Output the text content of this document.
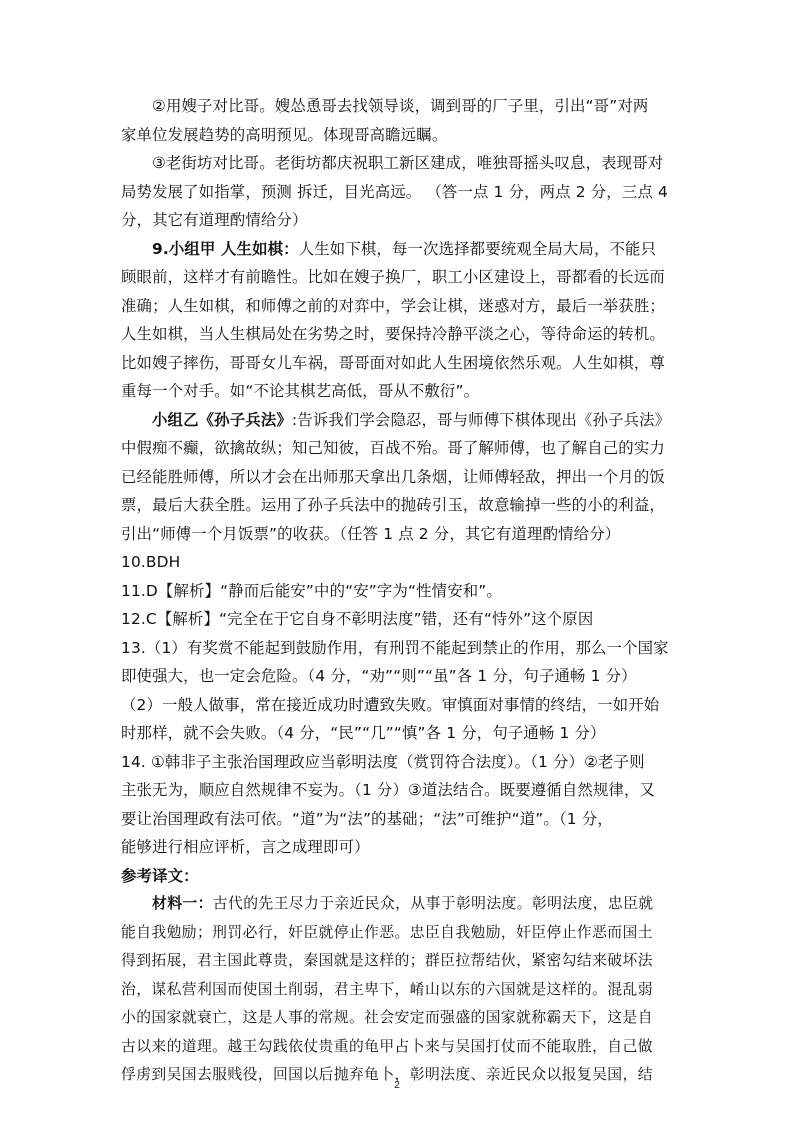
②用嫂子对比哥。嫂怂恿哥去找领导谈，调到哥的厂子里，引出“哥”对两
家单位发展趋势的高明预见。体现哥高瞻远瞩。
③老街坊对比哥。老街坊都庆祝职工新区建成，唯独哥摇头叹息，表现哥对
局势发展了如指掌，预测 拆迁，目光高远。 （答一点 1 分，两点 2 分，三点 4
分，其它有道理酌情给分）
9.小组甲 人生如棋：人生如下棋，每一次选择都要统观全局大局，不能只
顾眼前，这样才有前瞻性。比如在嫂子换厂，职工小区建设上，哥都看的长远而
准确；人生如棋，和师傅之前的对弈中，学会让棋，迷惑对方，最后一举获胜；
人生如棋，当人生棋局处在劣势之时，要保持冷静平淡之心，等待命运的转机。
比如嫂子摔伤，哥哥女儿车祸，哥哥面对如此人生困境依然乐观。人生如棋，尊
重每一个对手。如“不论其棋艺高低，哥从不敷衍”。
小组乙《孙子兵法》:告诉我们学会隐忍，哥与师傅下棋体现出《孙子兵法》
中假痴不癫，欲擒故纵；知己知彼，百战不殆。哥了解师傅，也了解自己的实力
已经能胜师傅，所以才会在出师那天拿出几条烟，让师傅轻敌，押出一个月的饭
票，最后大获全胜。运用了孙子兵法中的抛砖引玉，故意输掉一些的小的利益，
引出“师傅一个月饭票”的收获。（任答 1 点 2 分，其它有道理酌情给分）
10.BDH
11.D【解析】“静而后能安”中的“安”字为“性情安和”。
12.C【解析】“完全在于它自身不彰明法度”错，还有“恃外”这个原因
13.（1）有奖赏不能起到鼓励作用，有刑罚不能起到禁止的作用，那么一个国家
即使强大，也一定会危险。（4 分，“劝”“则”“虽”各 1 分，句子通畅 1 分）
（2）一般人做事，常在接近成功时遭致失败。审慎面对事情的终结，一如开始
时那样，就不会失败。（4 分，“民”“几”“慎”各 1 分，句子通畅 1 分）
14. ①韩非子主张治国理政应当彰明法度（赏罚符合法度）。（1 分）②老子则
主张无为，顺应自然规律不妄为。（1 分）③道法结合。既要遵循自然规律，又
要让治国理政有法可依。“道”为“法”的基础；“法”可维护“道”。（1 分，
能够进行相应评析，言之成理即可）
参考译文：
材料一：古代的先王尽力于亲近民众，从事于彰明法度。彰明法度，忠臣就
能自我勉励；刑罚必行，奸臣就停止作恶。忠臣自我勉励，奸臣停止作恶而国土
得到拓展，君主国此尊贵，秦国就是这样的；群臣拉帮结伙，紧密勾结来破坏法
治，谋私营利国而使国土削弱，君主卑下，崤山以东的六国就是这样的。混乱弱
小的国家就衰亡，这是人事的常规。社会安定而强盛的国家就称霸天下，这是自
古以来的道理。越王勾践依仗贵重的龟甲占卜来与吴国打仗而不能取胜，自己做
俘虏到吴国去服贱役，回国以后抛弃龟卜，彰明法度、亲近民众以报复吴国，结
2
